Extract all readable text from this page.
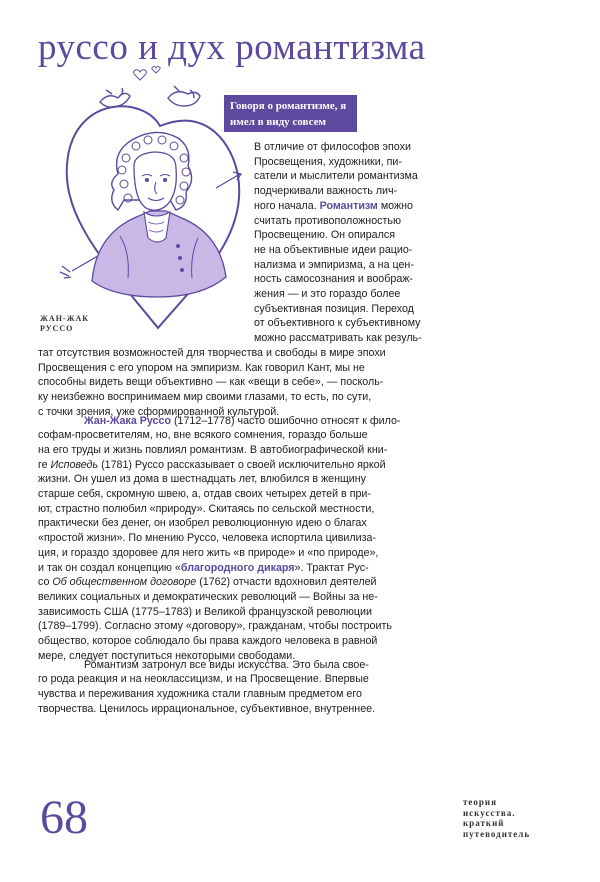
руссо и дух романтизма
Говоря о романтизме, я имел в виду совсем другое.
ЖАН-ЖАК
РУССО

В отличие от философов эпохи

Просвещения, художники, пи-

сатели и мыслители романтизма

подчеркивали важность лич-

ного начала. Романтизм можно

считать противоположностью

Просвещению. Он опирался

не на объективные идеи рацио-

нализма и эмпиризма, а на цен-

ность самосознания и воображ-

жения — и это гораздо более

субъективная позиция. Переход

от объективного к субъективному

можно рассматривать как резуль-

тат отсутствия возможностей для творчества и свободы в мире эпохи

Просвещения с его упором на эмпиризм. Как говорил Кант, мы не

способны видеть вещи объективно — как «вещи в себе», — посколь-

ку неизбежно воспринимаем мир своими глазами, то есть, по сути,

с точки зрения, уже сформированной культурой.

Жан-Жака Руссо (1712–1778) часто ошибочно относят к фило-

софам-просветителям, но, вне всякого сомнения, гораздо больше

на его труды и жизнь повлиял романтизм. В автобиографической кни-

ге Исповедь (1781) Руссо рассказывает о своей исключительно яркой

жизни. Он ушел из дома в шестнадцать лет, влюбился в женщину

старше себя, скромную швею, а, отдав своих четырех детей в при-

ют, страстно полюбил «природу». Скитаясь по сельской местности,

практически без денег, он изобрел революционную идею о благах

«простой жизни». По мнению Руссо, человека испортила цивилиза-

ция, и гораздо здоровее для него жить «в природе» и «по природе»,

и так он создал концепцию «благородного дикаря». Трактат Рус-

со Об общественном договоре (1762) отчасти вдохновил деятелей

великих социальных и демократических революций — Войны за не-

зависимость США (1775–1783) и Великой французской революции

(1789–1799). Согласно этому «договору», гражданам, чтобы построить

общество, которое соблюдало бы права каждого человека в равной

мере, следует поступиться некоторыми свободами.

Романтизм затронул все виды искусства. Это была свое-

го рода реакция и на неоклассицизм, и на Просвещение. Впервые

чувства и переживания художника стали главным предметом его

творчества. Ценилось иррациональное, субъективное, внутреннее.

68	теория
искусства.
краткий
путеводитель
